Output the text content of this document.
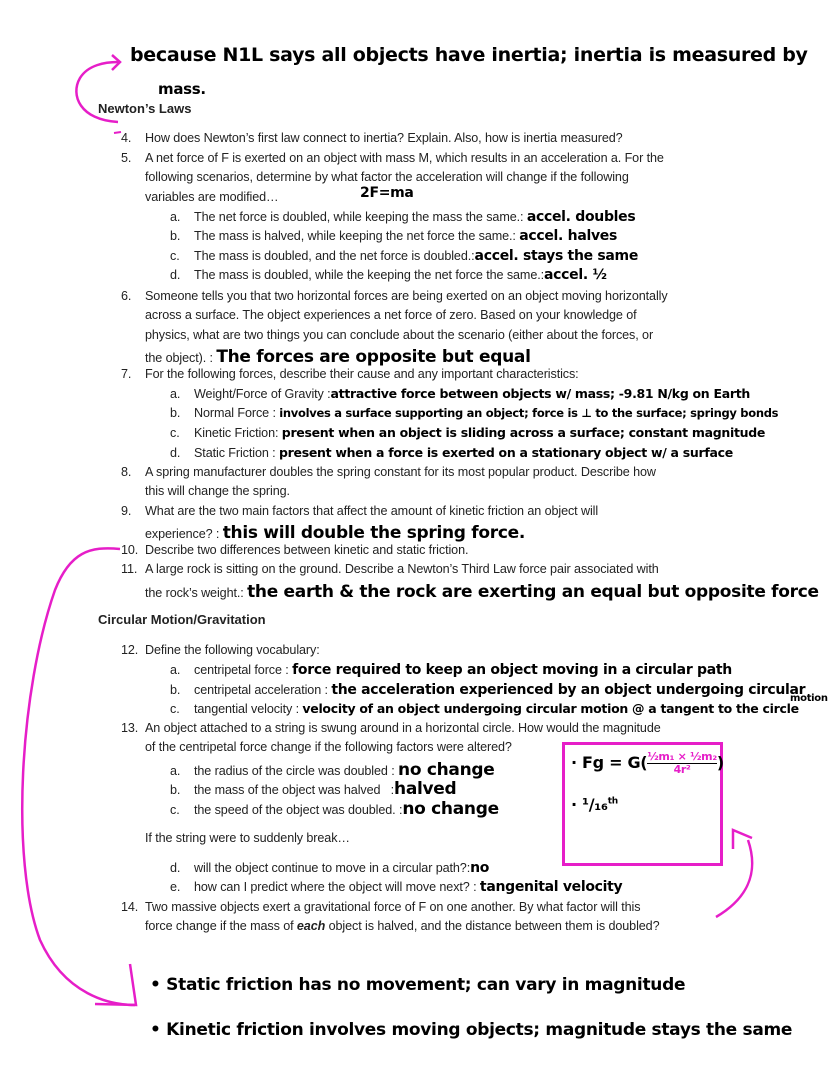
because N1L says all objects have inertia; inertia is measured by
mass.
Newton’s Laws
4. How does Newton’s first law connect to inertia? Explain. Also, how is inertia measured?
5. A net force of F is exerted on an object with mass M, which results in an acceleration a. For the
following scenarios, determine by what factor the acceleration will change if the following
variables are modified…	2F=ma
a. The net force is doubled, while keeping the mass the same.: accel. doubles
b. The mass is halved, while keeping the net force the same.: accel. halves
c. The mass is doubled, and the net force is doubled.:accel. stays the same
d. The mass is doubled, while the keeping the net force the same.:accel. ½
6. Someone tells you that two horizontal forces are being exerted on an object moving horizontally
across a surface. The object experiences a net force of zero. Based on your knowledge of
physics, what are two things you can conclude about the scenario (either about the forces, or
the object). : The forces are opposite but equal
7. For the following forces, describe their cause and any important characteristics:
a. Weight/Force of Gravity :attractive force between objects w/ mass; -9.81 N/kg on Earth
b. Normal Force : involves a surface supporting an object; force is ⊥ to the surface; springy bonds
c. Kinetic Friction: present when an object is sliding across a surface; constant magnitude
d. Static Friction : present when a force is exerted on a stationary object w/ a surface
8. A spring manufacturer doubles the spring constant for its most popular product. Describe how
this will change the spring.
9. What are the two main factors that affect the amount of kinetic friction an object will
experience? : this will double the spring force.
10. Describe two differences between kinetic and static friction.
11. A large rock is sitting on the ground. Describe a Newton’s Third Law force pair associated with
the rock’s weight.: the earth & the rock are exerting an equal but opposite force
Circular Motion/Gravitation
12. Define the following vocabulary:
a. centripetal force : force required to keep an object moving in a circular path
b. centripetal acceleration : the acceleration experienced by an object undergoing circular
motion
c. tangential velocity : velocity of an object undergoing circular motion @ a tangent to the circle
13. An object attached to a string is swung around in a horizontal circle. How would the magnitude
of the centripetal force change if the following factors were altered?
a. the radius of the circle was doubled : no change
b. the mass of the object was halved   :halved
c. the speed of the object was doubled. :no change
If the string were to suddenly break…
d. will the object continue to move in a circular path?:no
e. how can I predict where the object will move next? : tangenital velocity
14. Two massive objects exert a gravitational force of F on one another. By what factor will this
force change if the mass of each object is halved, and the distance between them is doubled?
· $Fg = G( \frac{\text{½m₁ × ½m₂}}{\text{4r²}}$ )
· ¹/₁₆$^{th}$
• Static friction has no movement; can vary in magnitude
• Kinetic friction involves moving objects; magnitude stays the same
